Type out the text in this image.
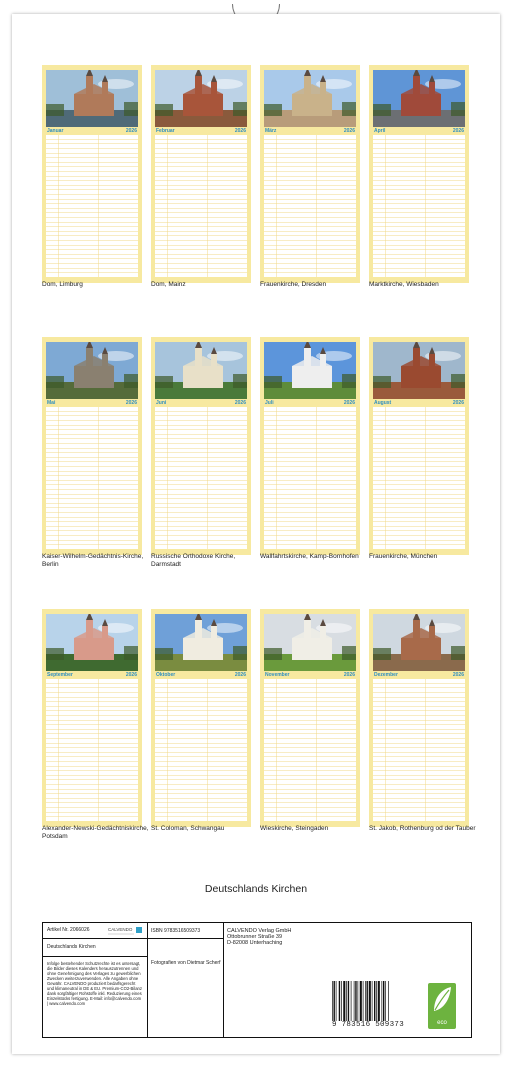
Januar	2026
Dom, Limburg
Februar	2026
Dom, Mainz
März	2026
Frauenkirche, Dresden
April	2026
Marktkirche, Wiesbaden
Mai	2026
Kaiser-Wilhelm-Gedächtnis-Kirche, Berlin
Juni	2026
Russische Orthodoxe Kirche, Darmstadt
Juli	2026
Wallfahrtskirche, Kamp-Bornhofen
August	2026
Frauenkirche, München
September	2026
Alexander-Newski-Gedächtniskirche, Potsdam
Oktober	2026
St. Coloman, Schwangau
November	2026
Wieskirche, Steingaden
Dezember	2026
St. Jakob, Rothenburg od der Tauber
Deutschlands Kirchen
Artikel Nr. 2066026
Deutschlands Kirchen
Infolge bestehender Schutzrechte ist es untersagt, die Bilder dieses Kalenders herauszutrennen und ohne Genehmigung des Verlages zu gewerblichen Zwecken weiterzuverwenden. Alle Angaben ohne Gewähr. CALVENDO produziert bedarfsgerecht und klimaneutral in DE & EU. Premium-CO2-Bilanz dank sorgfältiger Rohstoffe inkl. Reduzierung eines Einzelstücks fertigung. E-Mail: info@calvendo.com | www.calvendo.com
ISBN 9783516509373
Fotografien von Dietmar Scherf
CALVENDO Verlag GmbH
Ottobrunner Straße 39
D-82008 Unterhaching
CALVENDO
9 783516 509373	eco
